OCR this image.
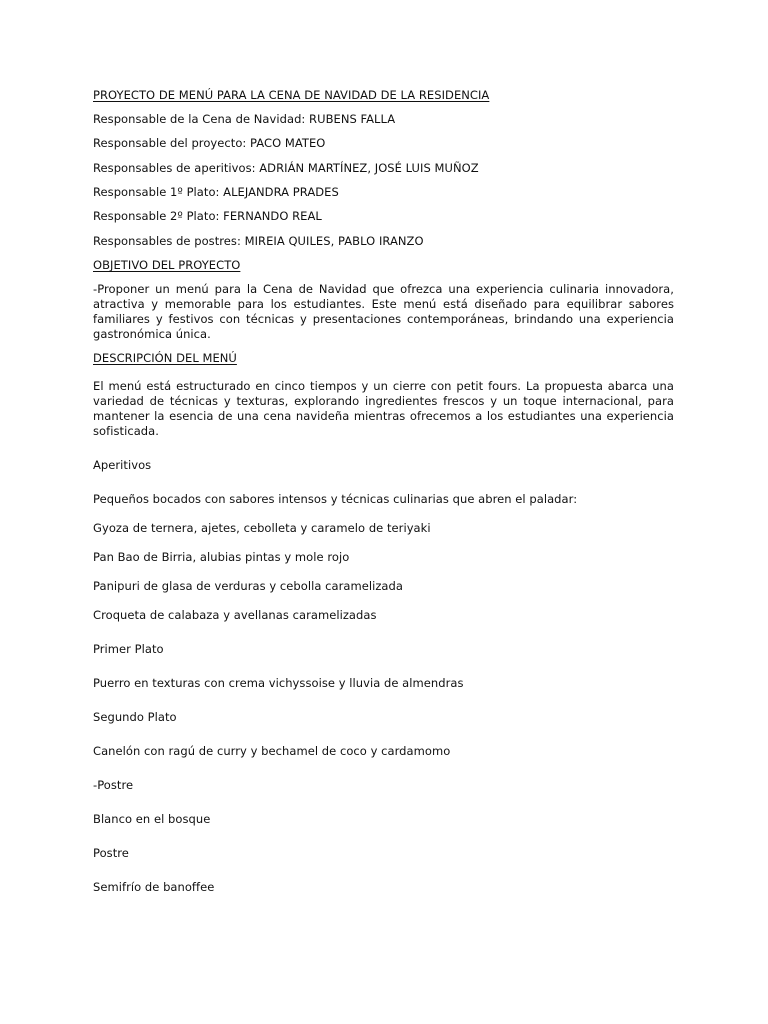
PROYECTO DE MENÚ PARA LA CENA DE NAVIDAD DE LA RESIDENCIA
Responsable de la Cena de Navidad: RUBENS FALLA
Responsable del proyecto: PACO MATEO
Responsables de aperitivos: ADRIÁN MARTÍNEZ, JOSÉ LUIS MUÑOZ
Responsable 1º Plato: ALEJANDRA PRADES
Responsable 2º Plato: FERNANDO REAL
Responsables de postres: MIREIA QUILES, PABLO IRANZO
OBJETIVO DEL PROYECTO
-Proponer un menú para la Cena de Navidad que ofrezca una experiencia culinaria innovadora, atractiva y memorable para los estudiantes. Este menú está diseñado para equilibrar sabores familiares y festivos con técnicas y presentaciones contemporáneas, brindando una experiencia gastronómica única.
DESCRIPCIÓN DEL MENÚ
El menú está estructurado en cinco tiempos y un cierre con petit fours. La propuesta abarca una variedad de técnicas y texturas, explorando ingredientes frescos y un toque internacional, para mantener la esencia de una cena navideña mientras ofrecemos a los estudiantes una experiencia sofisticada.
Aperitivos
Pequeños bocados con sabores intensos y técnicas culinarias que abren el paladar:
Gyoza de ternera, ajetes, cebolleta y caramelo de teriyaki
Pan Bao de Birria, alubias pintas y mole rojo
Panipuri de glasa de verduras y cebolla caramelizada
Croqueta de calabaza y avellanas caramelizadas
Primer Plato
Puerro en texturas con crema vichyssoise y lluvia de almendras
Segundo Plato
Canelón con ragú de curry y bechamel de coco y cardamomo
-Postre
Blanco en el bosque
Postre
Semifrío de banoffee
